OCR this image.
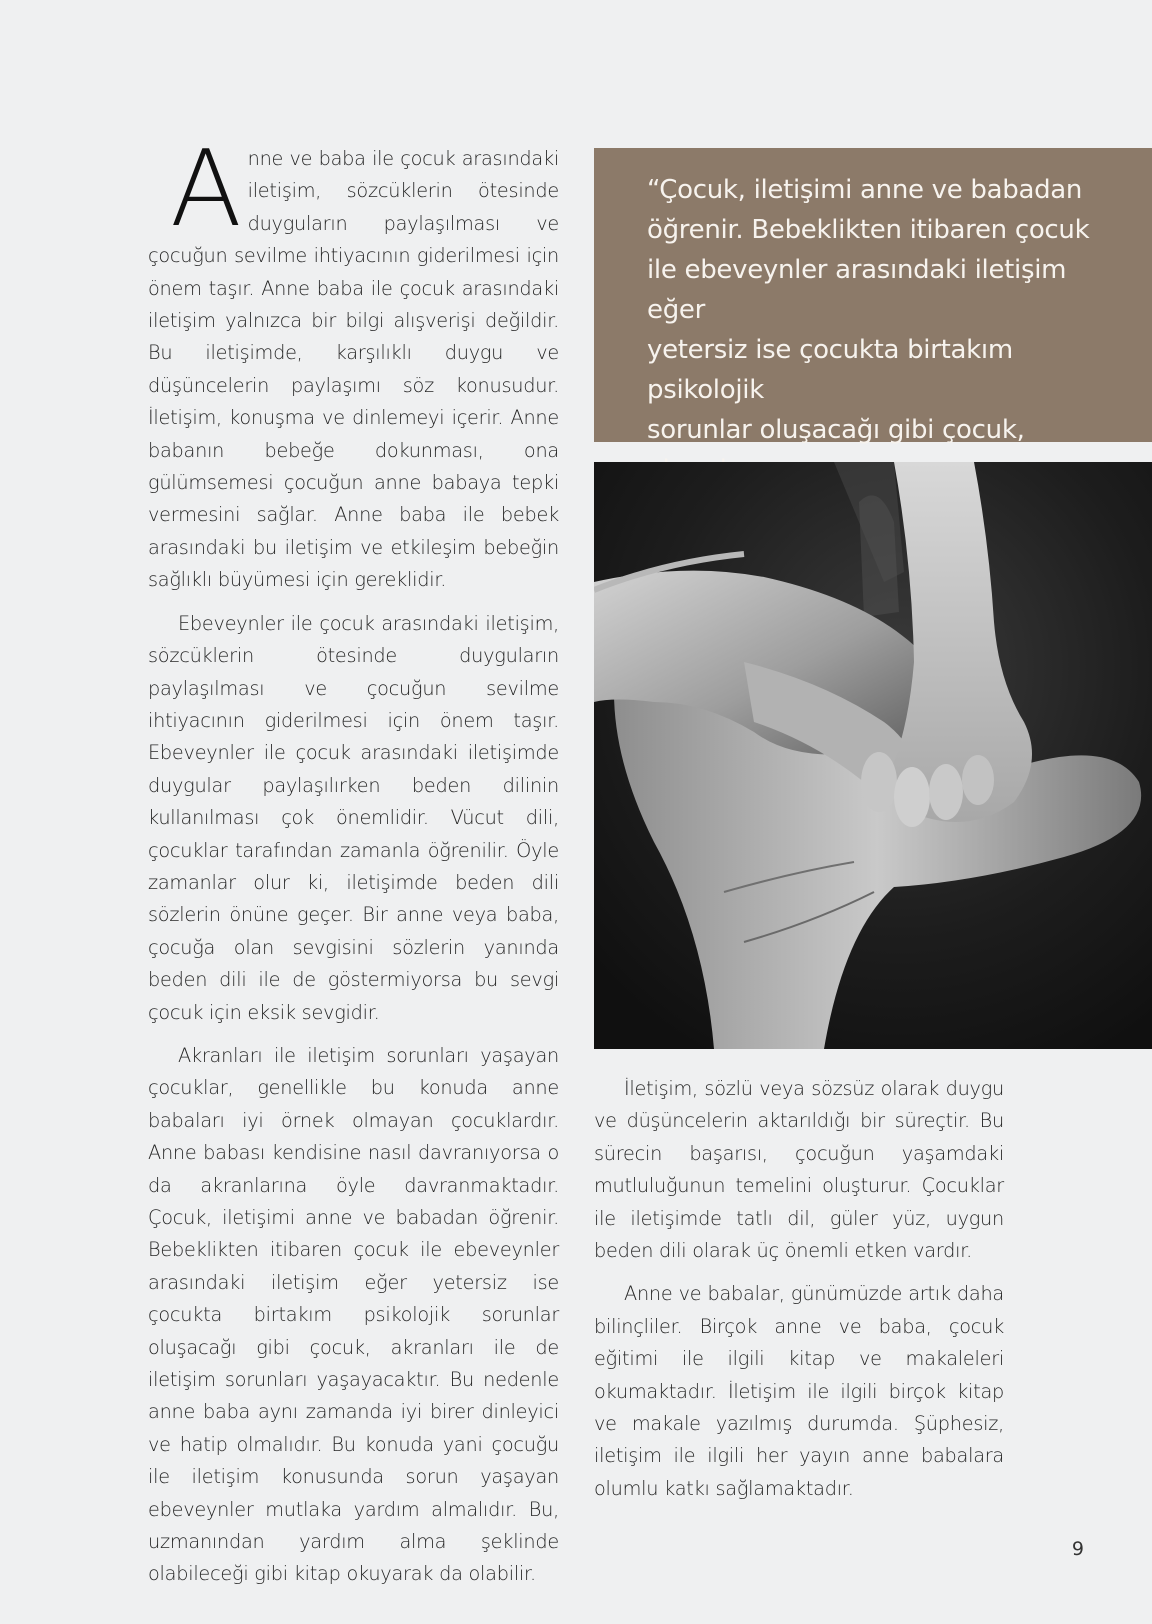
Anne ve baba ile çocuk arasındaki iletişim, sözcüklerin ötesinde duyguların paylaşılması ve çocuğun sevilme ihtiyacının giderilmesi için önem taşır. Anne baba ile çocuk arasındaki iletişim yalnızca bir bilgi alışverişi değildir. Bu iletişimde, karşılıklı duygu ve düşüncelerin paylaşımı söz konusudur. İletişim, konuşma ve dinlemeyi içerir. Anne babanın bebeğe dokunması, ona gülümsemesi çocuğun anne babaya tepki vermesini sağlar. Anne baba ile bebek arasındaki bu iletişim ve etkileşim bebeğin sağlıklı büyümesi için gereklidir.

Ebeveynler ile çocuk arasındaki iletişim, sözcüklerin ötesinde duyguların paylaşılması ve çocuğun sevilme ihtiyacının giderilmesi için önem taşır. Ebeveynler ile çocuk arasındaki iletişimde duygular paylaşılırken beden dilinin kullanılması çok önemlidir. Vücut dili, çocuklar tarafından zamanla öğrenilir. Öyle zamanlar olur ki, iletişimde beden dili sözlerin önüne geçer. Bir anne veya baba, çocuğa olan sevgisini sözlerin yanında beden dili ile de göstermiyorsa bu sevgi çocuk için eksik sevgidir.

Akranları ile iletişim sorunları yaşayan çocuklar, genellikle bu konuda anne babaları iyi örnek olmayan çocuklardır. Anne babası kendisine nasıl davranıyorsa o da akranlarına öyle davranmaktadır. Çocuk, iletişimi anne ve babadan öğrenir. Bebeklikten itibaren çocuk ile ebeveynler arasındaki iletişim eğer yetersiz ise çocukta birtakım psikolojik sorunlar oluşacağı gibi çocuk, akranları ile de iletişim sorunları yaşayacaktır. Bu nedenle anne baba aynı zamanda iyi birer dinleyici ve hatip olmalıdır. Bu konuda yani çocuğu ile iletişim konusunda sorun yaşayan ebeveynler mutlaka yardım almalıdır. Bu, uzmanından yardım alma şeklinde olabileceği gibi kitap okuyarak da olabilir.

“Çocuk, iletişimi anne ve babadan
öğrenir. Bebeklikten itibaren çocuk
ile ebeveynler arasındaki iletişim eğer
yetersiz ise çocukta birtakım psikolojik
sorunlar oluşacağı gibi çocuk,

İletişim, sözlü veya sözsüz olarak duygu ve düşüncelerin aktarıldığı bir süreçtir. Bu sürecin başarısı, çocuğun yaşamdaki mutluluğunun temelini oluşturur. Çocuklar ile iletişimde tatlı dil, güler yüz, uygun beden dili olarak üç önemli etken vardır.

Anne ve babalar, günümüzde artık daha bilinçliler. Birçok anne ve baba, çocuk eğitimi ile ilgili kitap ve makaleleri okumaktadır. İletişim ile ilgili birçok kitap ve makale yazılmış durumda. Şüphesiz, iletişim ile ilgili her yayın anne babalara olumlu katkı sağlamaktadır.

9
